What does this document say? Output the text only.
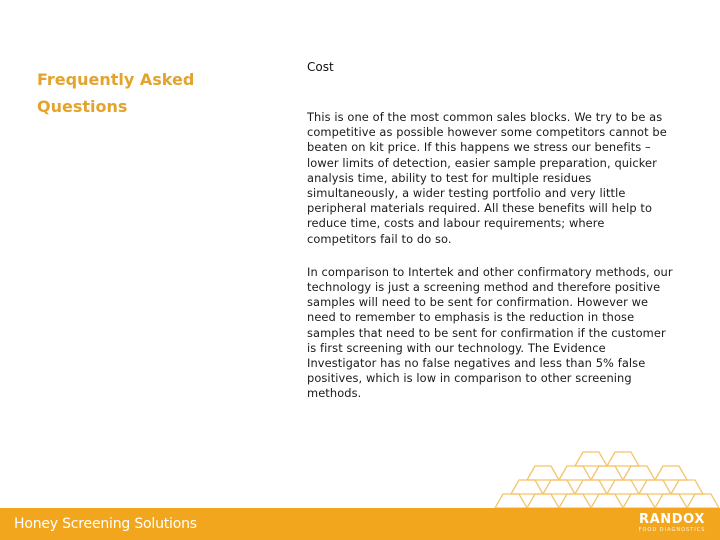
Frequently Asked Questions
Cost

This is one of the most common sales blocks. We try to be as competitive as possible however some competitors cannot be beaten on kit price. If this happens we stress our benefits – lower limits of detection, easier sample preparation, quicker analysis time, ability to test for multiple residues simultaneously, a wider testing portfolio and very little peripheral materials required. All these benefits will help to reduce time, costs and labour requirements; where competitors fail to do so.

In comparison to Intertek and other confirmatory methods, our technology is just a screening method and therefore positive samples will need to be sent for confirmation. However we need to remember to emphasis is the reduction in those samples that need to be sent for confirmation if the customer is first screening with our technology. The Evidence Investigator has no false negatives and less than 5% false positives, which is low in comparison to other screening methods.

Honey Screening Solutions	RANDOX
FOOD DIAGNOSTICS
